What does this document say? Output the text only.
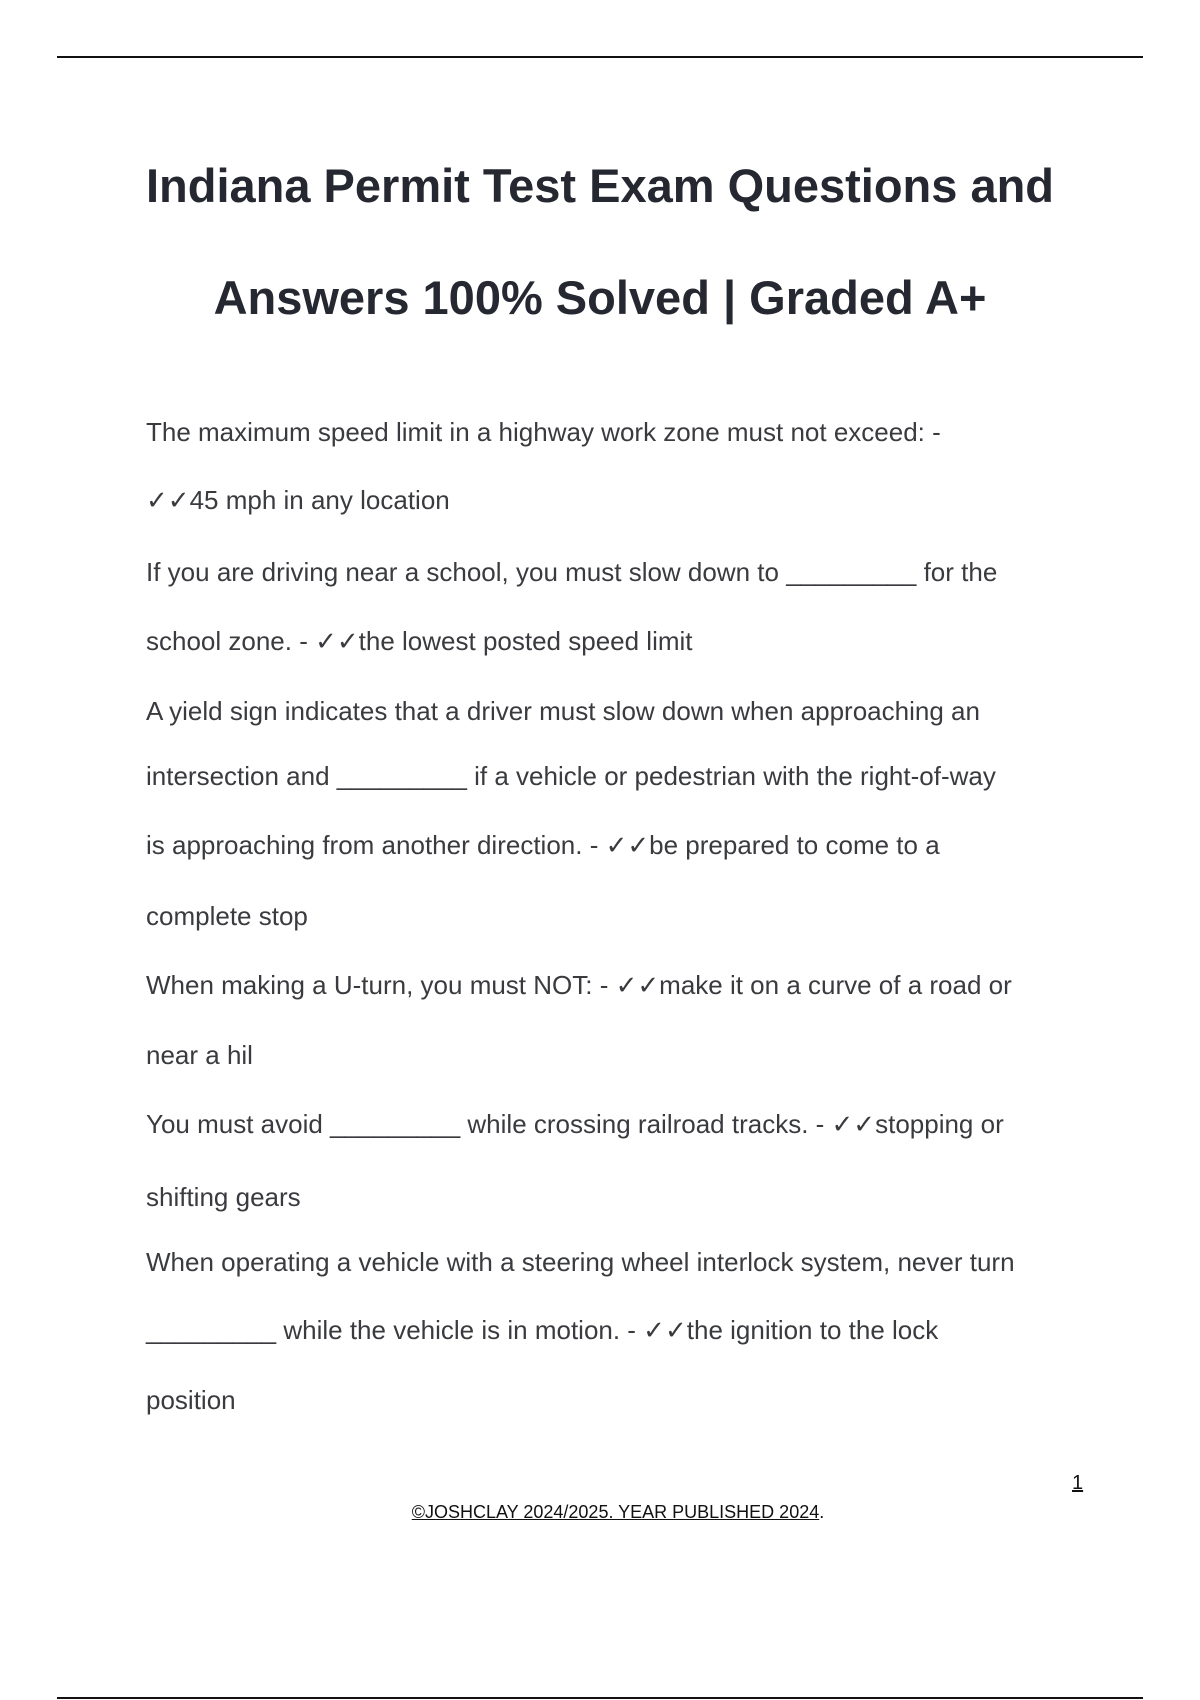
Indiana Permit Test Exam Questions and
Answers 100% Solved | Graded A+
The maximum speed limit in a highway work zone must not exceed: -
✓✓45 mph in any location
If you are driving near a school, you must slow down to _________ for the
school zone. - ✓✓the lowest posted speed limit
A yield sign indicates that a driver must slow down when approaching an
intersection and _________ if a vehicle or pedestrian with the right-of-way
is approaching from another direction. - ✓✓be prepared to come to a
complete stop
When making a U-turn, you must NOT: - ✓✓make it on a curve of a road or
near a hil
You must avoid _________ while crossing railroad tracks. - ✓✓stopping or
shifting gears
When operating a vehicle with a steering wheel interlock system, never turn
_________ while the vehicle is in motion. - ✓✓the ignition to the lock
position
1
©JOSHCLAY 2024/2025. YEAR PUBLISHED 2024.
